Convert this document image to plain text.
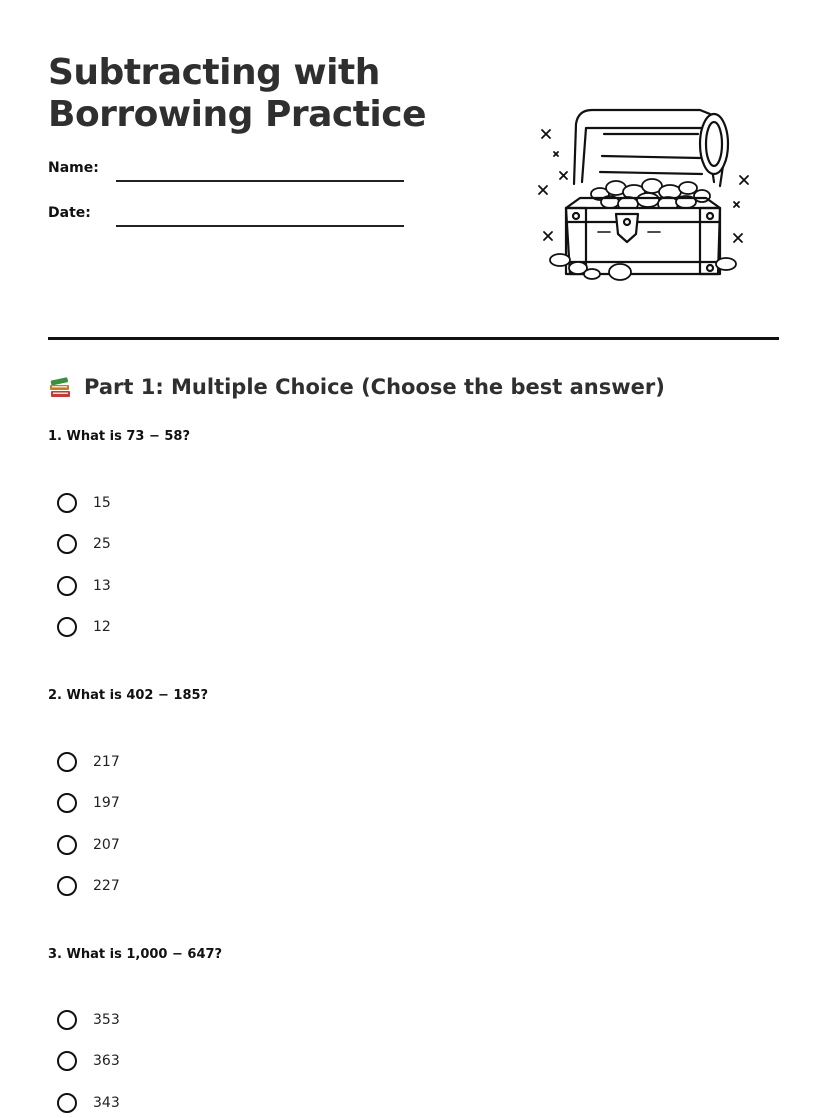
Subtracting with
Borrowing Practice
Name:
Date:
Part 1: Multiple Choice (Choose the best answer)

1. What is 73 − 58?

15
25
13
12

2. What is 402 − 185?

217
197
207
227

3. What is 1,000 − 647?

353
363
343
